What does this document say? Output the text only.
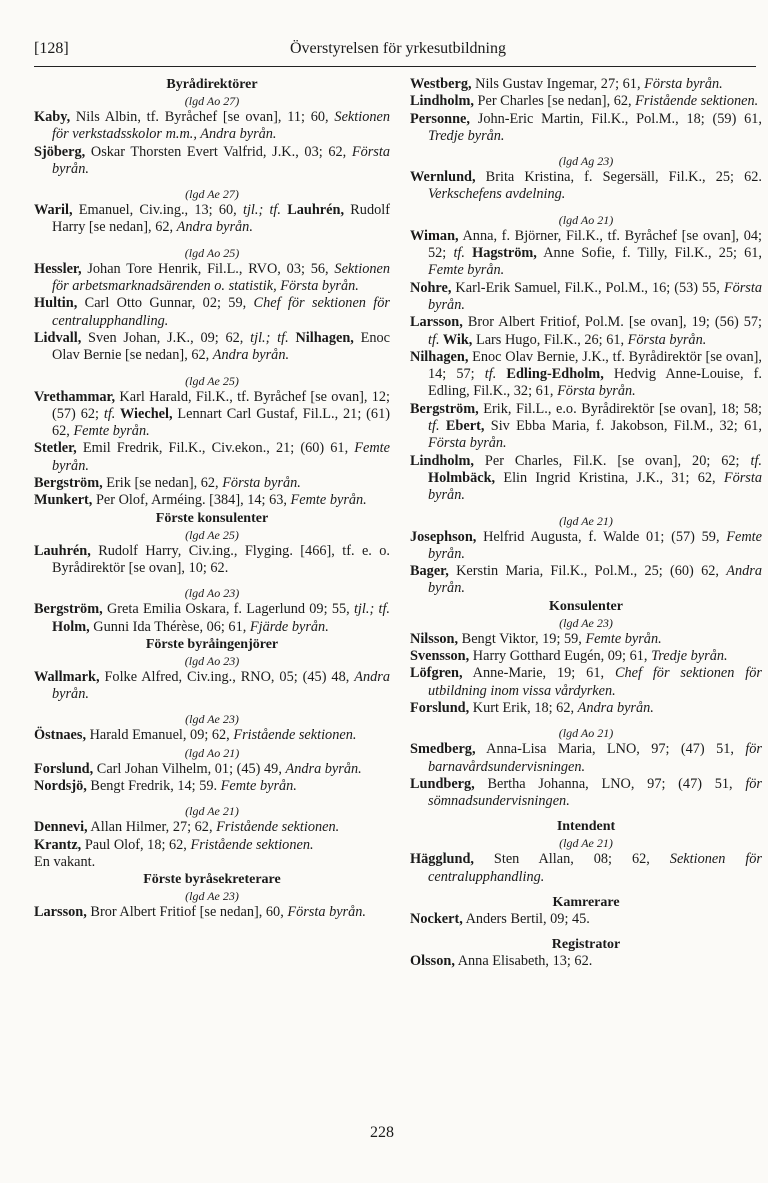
[128]	Överstyrelsen för yrkesutbildning

Byrådirektörer

(lgd Ao 27)

Kaby, Nils Albin, tf. Byråchef [se ovan], 11; 60, Sektionen för verkstadsskolor m.m., Andra byrån.

Sjöberg, Oskar Thorsten Evert Valfrid, J.K., 03; 62, Första byrån.

(lgd Ae 27)

Waril, Emanuel, Civ.ing., 13; 60, tjl.; tf. Lauhrén, Rudolf Harry [se nedan], 62, Andra byrån.

(lgd Ao 25)

Hessler, Johan Tore Henrik, Fil.L., RVO, 03; 56, Sektionen för arbetsmarknadsärenden o. statistik, Första byrån.

Hultin, Carl Otto Gunnar, 02; 59, Chef för sektionen för centralupphandling.

Lidvall, Sven Johan, J.K., 09; 62, tjl.; tf. Nilhagen, Enoc Olav Bernie [se nedan], 62, Andra byrån.

(lgd Ae 25)

Vrethammar, Karl Harald, Fil.K., tf. Byråchef [se ovan], 12; (57) 62; tf. Wiechel, Lennart Carl Gustaf, Fil.L., 21; (61) 62, Femte byrån.

Stetler, Emil Fredrik, Fil.K., Civ.ekon., 21; (60) 61, Femte byrån.

Bergström, Erik [se nedan], 62, Första byrån.

Munkert, Per Olof, Arméing. [384], 14; 63, Femte byrån.

Förste konsulenter

(lgd Ae 25)

Lauhrén, Rudolf Harry, Civ.ing., Flyging. [466], tf. e. o. Byrådirektör [se ovan], 10; 62.

(lgd Ao 23)

Bergström, Greta Emilia Oskara, f. Lagerlund 09; 55, tjl.; tf. Holm, Gunni Ida Thérèse, 06; 61, Fjärde byrån.

Förste byråingenjörer

(lgd Ao 23)

Wallmark, Folke Alfred, Civ.ing., RNO, 05; (45) 48, Andra byrån.

(lgd Ae 23)

Östnaes, Harald Emanuel, 09; 62, Fristående sektionen.

(lgd Ao 21)

Forslund, Carl Johan Vilhelm, 01; (45) 49, Andra byrån.

Nordsjö, Bengt Fredrik, 14; 59. Femte byrån.

(lgd Ae 21)

Dennevi, Allan Hilmer, 27; 62, Fristående sektionen.

Krantz, Paul Olof, 18; 62, Fristående sektionen.

En vakant.

Förste byråsekreterare

(lgd Ae 23)

Larsson, Bror Albert Fritiof [se nedan], 60, Första byrån.

Westberg, Nils Gustav Ingemar, 27; 61, Första byrån.

Lindholm, Per Charles [se nedan], 62, Fristående sektionen.

Personne, John-Eric Martin, Fil.K., Pol.M., 18; (59) 61, Tredje byrån.

(lgd Ag 23)

Wernlund, Brita Kristina, f. Segersäll, Fil.K., 25; 62. Verkschefens avdelning.

(lgd Ao 21)

Wiman, Anna, f. Björner, Fil.K., tf. Byråchef [se ovan], 04; 52; tf. Hagström, Anne Sofie, f. Tilly, Fil.K., 25; 61, Femte byrån.

Nohre, Karl-Erik Samuel, Fil.K., Pol.M., 16; (53) 55, Första byrån.

Larsson, Bror Albert Fritiof, Pol.M. [se ovan], 19; (56) 57; tf. Wik, Lars Hugo, Fil.K., 26; 61, Första byrån.

Nilhagen, Enoc Olav Bernie, J.K., tf. Byrådirektör [se ovan], 14; 57; tf. Edling-Edholm, Hedvig Anne-Louise, f. Edling, Fil.K., 32; 61, Första byrån.

Bergström, Erik, Fil.L., e.o. Byrådirektör [se ovan], 18; 58; tf. Ebert, Siv Ebba Maria, f. Jakobson, Fil.M., 32; 61, Första byrån.

Lindholm, Per Charles, Fil.K. [se ovan], 20; 62; tf. Holmbäck, Elin Ingrid Kristina, J.K., 31; 62, Första byrån.

(lgd Ae 21)

Josephson, Helfrid Augusta, f. Walde 01; (57) 59, Femte byrån.

Bager, Kerstin Maria, Fil.K., Pol.M., 25; (60) 62, Andra byrån.

Konsulenter

(lgd Ae 23)

Nilsson, Bengt Viktor, 19; 59, Femte byrån.

Svensson, Harry Gotthard Eugén, 09; 61, Tredje byrån.

Löfgren, Anne-Marie, 19; 61, Chef för sektionen för utbildning inom vissa vårdyrken.

Forslund, Kurt Erik, 18; 62, Andra byrån.

(lgd Ao 21)

Smedberg, Anna-Lisa Maria, LNO, 97; (47) 51, för barnavårdsundervisningen.

Lundberg, Bertha Johanna, LNO, 97; (47) 51, för sömnadsundervisningen.

Intendent

(lgd Ae 21)

Hägglund, Sten Allan, 08; 62, Sektionen för centralupphandling.

Kamrerare

Nockert, Anders Bertil, 09; 45.

Registrator

Olsson, Anna Elisabeth, 13; 62.

228
